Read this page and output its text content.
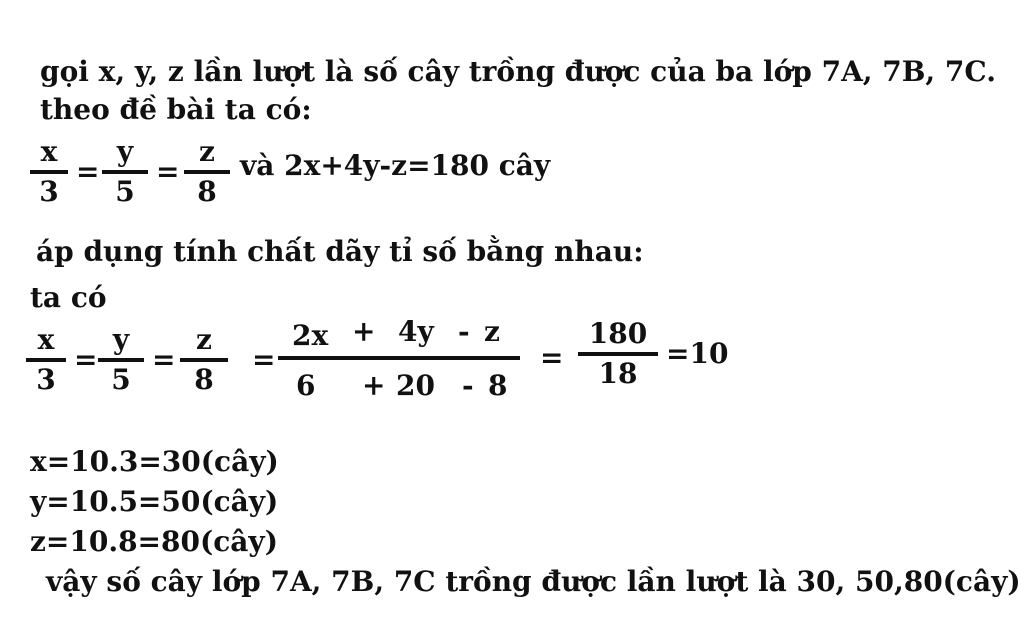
gọi x, y, z lần lượt là số cây trồng được của ba lớp 7A, 7B, 7C.
theo đề bài ta có:
x
3
=
y
5
=
z
8
và 2x+4y-z=180 cây
áp dụng tính chất dãy tỉ số bằng nhau:
ta có
x
3
=
y
5
=
z
8
=
2x + 4y - z
6 + 20 - 8
=
180
18
=10
x=10.3=30(cây)
y=10.5=50(cây)
z=10.8=80(cây)
vậy số cây lớp 7A, 7B, 7C trồng được lần lượt là 30, 50,80(cây)
